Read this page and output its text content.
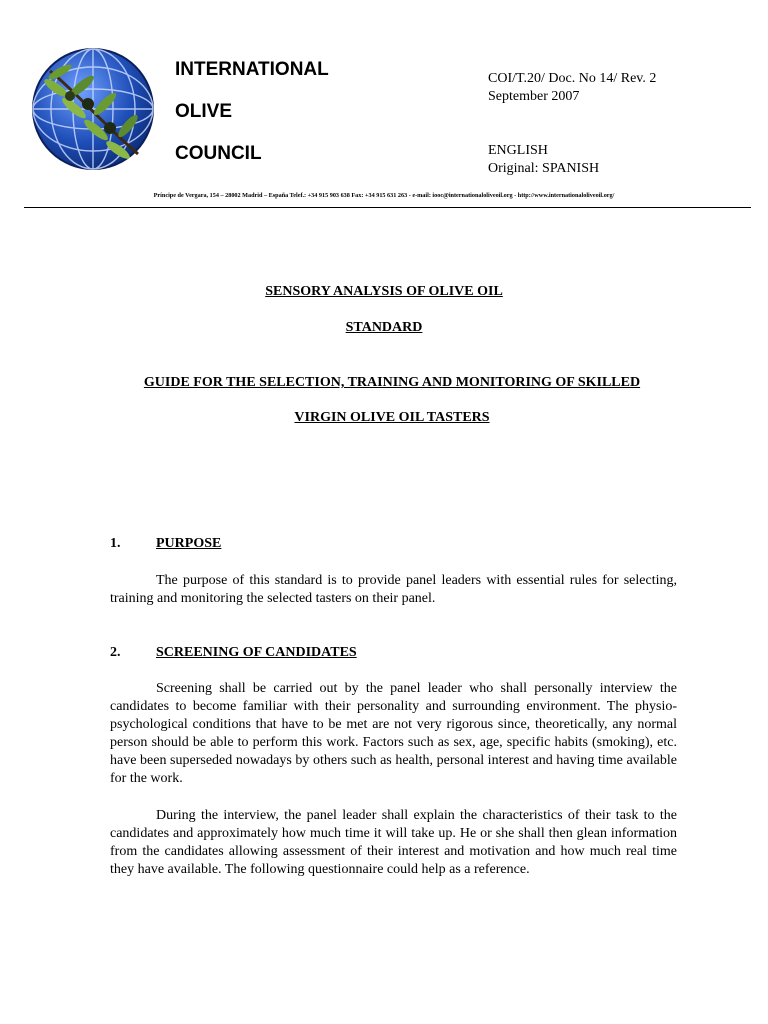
INTERNATIONAL
OLIVE
COUNCIL
COI/T.20/ Doc. No 14/ Rev. 2
September 2007
ENGLISH
Original: SPANISH
Príncipe de Vergara, 154 – 28002 Madrid – España Telef.: +34 915 903 638 Fax: +34 915 631 263 - e-mail: iooc@internationaloliveoil.org - http://www.internationaloliveoil.org/
SENSORY ANALYSIS OF OLIVE OIL
STANDARD
GUIDE FOR THE SELECTION, TRAINING AND MONITORING OF SKILLED
VIRGIN OLIVE OIL TASTERS
1.	PURPOSE

The purpose of this standard is to provide panel leaders with essential rules for selecting, training and monitoring the selected tasters on their panel.

2.	SCREENING OF CANDIDATES

Screening shall be carried out by the panel leader who shall personally interview the candidates to become familiar with their personality and surrounding environment. The physio-psychological conditions that have to be met are not very rigorous since, theoretically, any normal person should be able to perform this work. Factors such as sex, age, specific habits (smoking), etc. have been superseded nowadays by others such as health, personal interest and having time available for the work.

During the interview, the panel leader shall explain the characteristics of their task to the candidates and approximately how much time it will take up. He or she shall then glean information from the candidates allowing assessment of their interest and motivation and how much real time they have available. The following questionnaire could help as a reference.
